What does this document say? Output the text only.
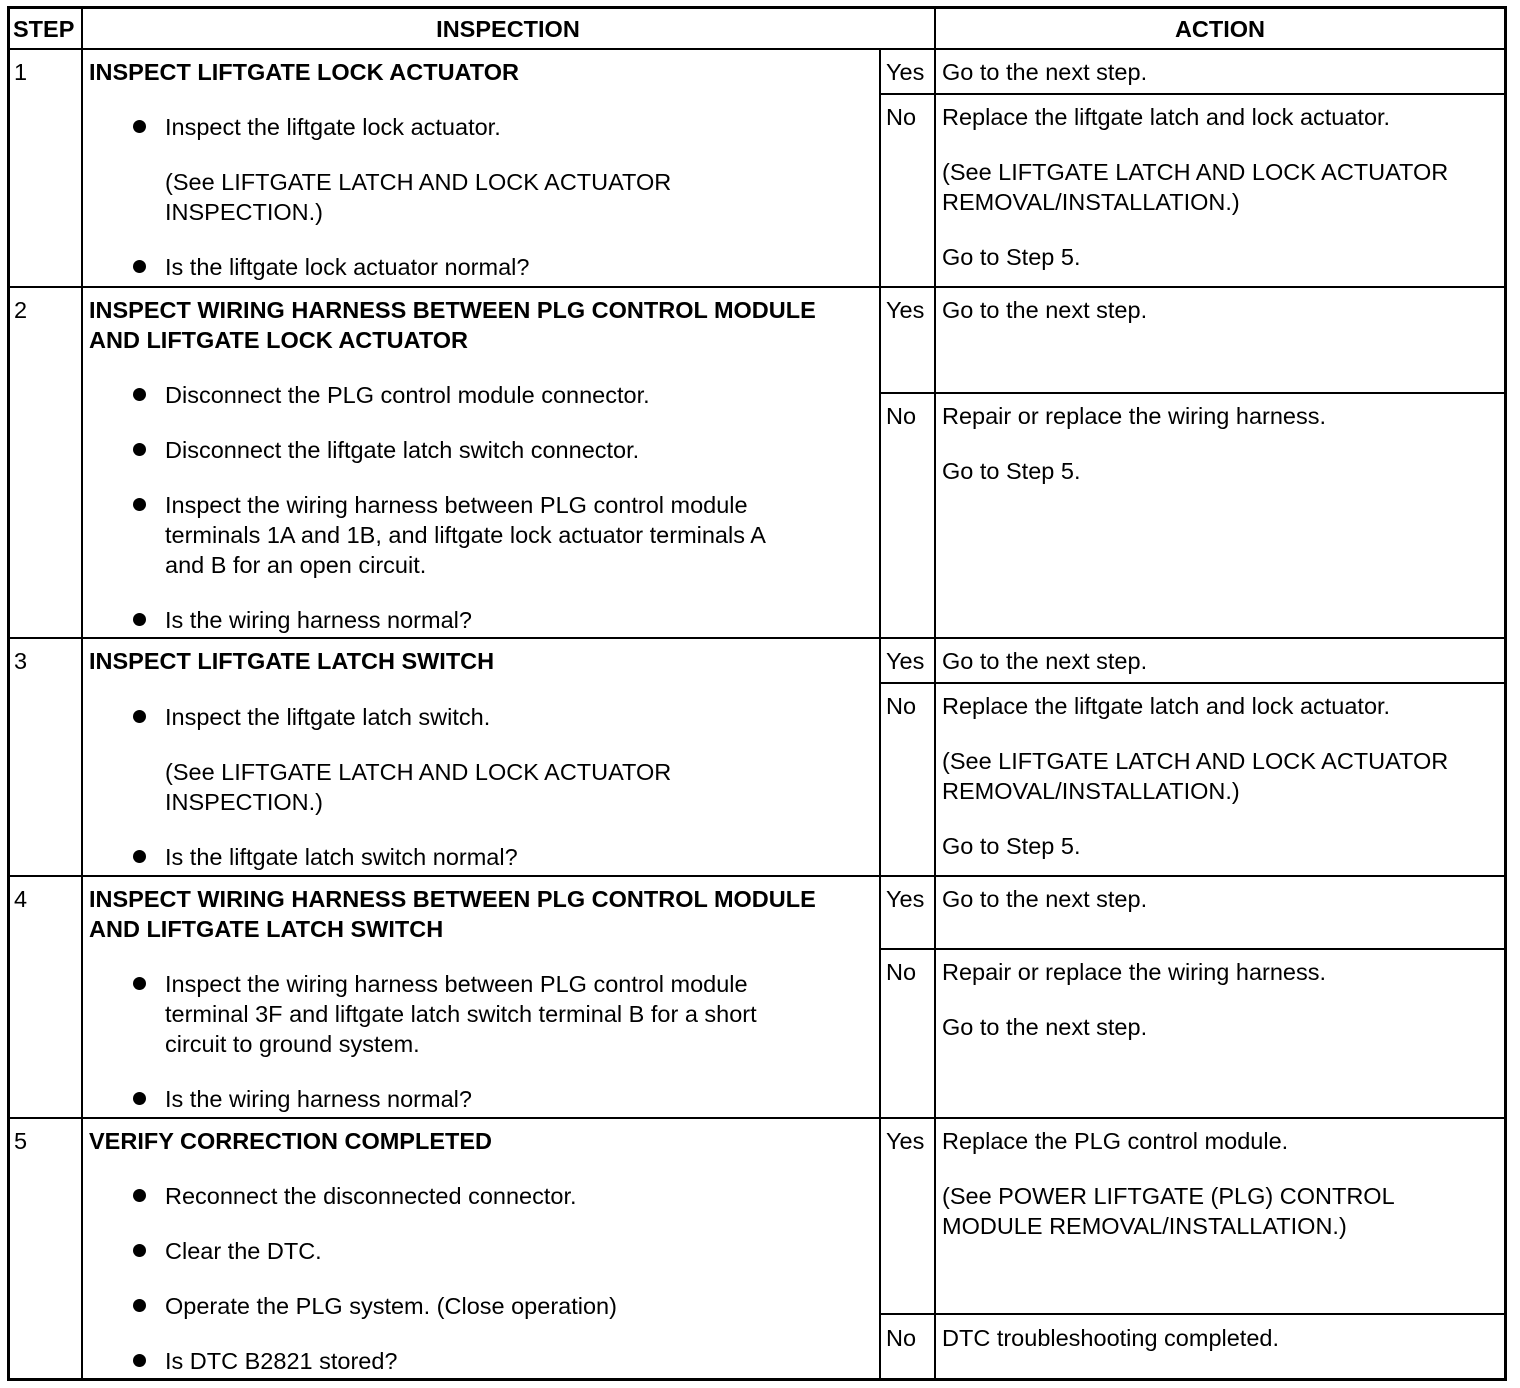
STEP	INSPECTION	ACTION
1	INSPECT LIFTGATE LOCK ACTUATOR
Inspect the liftgate lock actuator.
(See LIFTGATE LATCH AND LOCK ACTUATOR
INSPECTION.)
Is the liftgate lock actuator normal?
Yes Go to the next step.
No Replace the liftgate latch and lock actuator.
(See LIFTGATE LATCH AND LOCK ACTUATOR
REMOVAL/INSTALLATION.)
Go to Step 5.
2	INSPECT WIRING HARNESS BETWEEN PLG CONTROL MODULE
AND LIFTGATE LOCK ACTUATOR
Disconnect the PLG control module connector.
Disconnect the liftgate latch switch connector.
Inspect the wiring harness between PLG control module
terminals 1A and 1B, and liftgate lock actuator terminals A
and B for an open circuit.
Is the wiring harness normal?
Yes Go to the next step.
No Repair or replace the wiring harness.
Go to Step 5.
3	INSPECT LIFTGATE LATCH SWITCH
Inspect the liftgate latch switch.
(See LIFTGATE LATCH AND LOCK ACTUATOR
INSPECTION.)
Is the liftgate latch switch normal?
Yes Go to the next step.
No Replace the liftgate latch and lock actuator.
(See LIFTGATE LATCH AND LOCK ACTUATOR
REMOVAL/INSTALLATION.)
Go to Step 5.
4	INSPECT WIRING HARNESS BETWEEN PLG CONTROL MODULE
AND LIFTGATE LATCH SWITCH
Inspect the wiring harness between PLG control module
terminal 3F and liftgate latch switch terminal B for a short
circuit to ground system.
Is the wiring harness normal?
Yes Go to the next step.
No Repair or replace the wiring harness.
Go to the next step.
5	VERIFY CORRECTION COMPLETED
Reconnect the disconnected connector.
Clear the DTC.
Operate the PLG system. (Close operation)
Is DTC B2821 stored?
Yes Replace the PLG control module.
(See POWER LIFTGATE (PLG) CONTROL
MODULE REMOVAL/INSTALLATION.)
No DTC troubleshooting completed.
